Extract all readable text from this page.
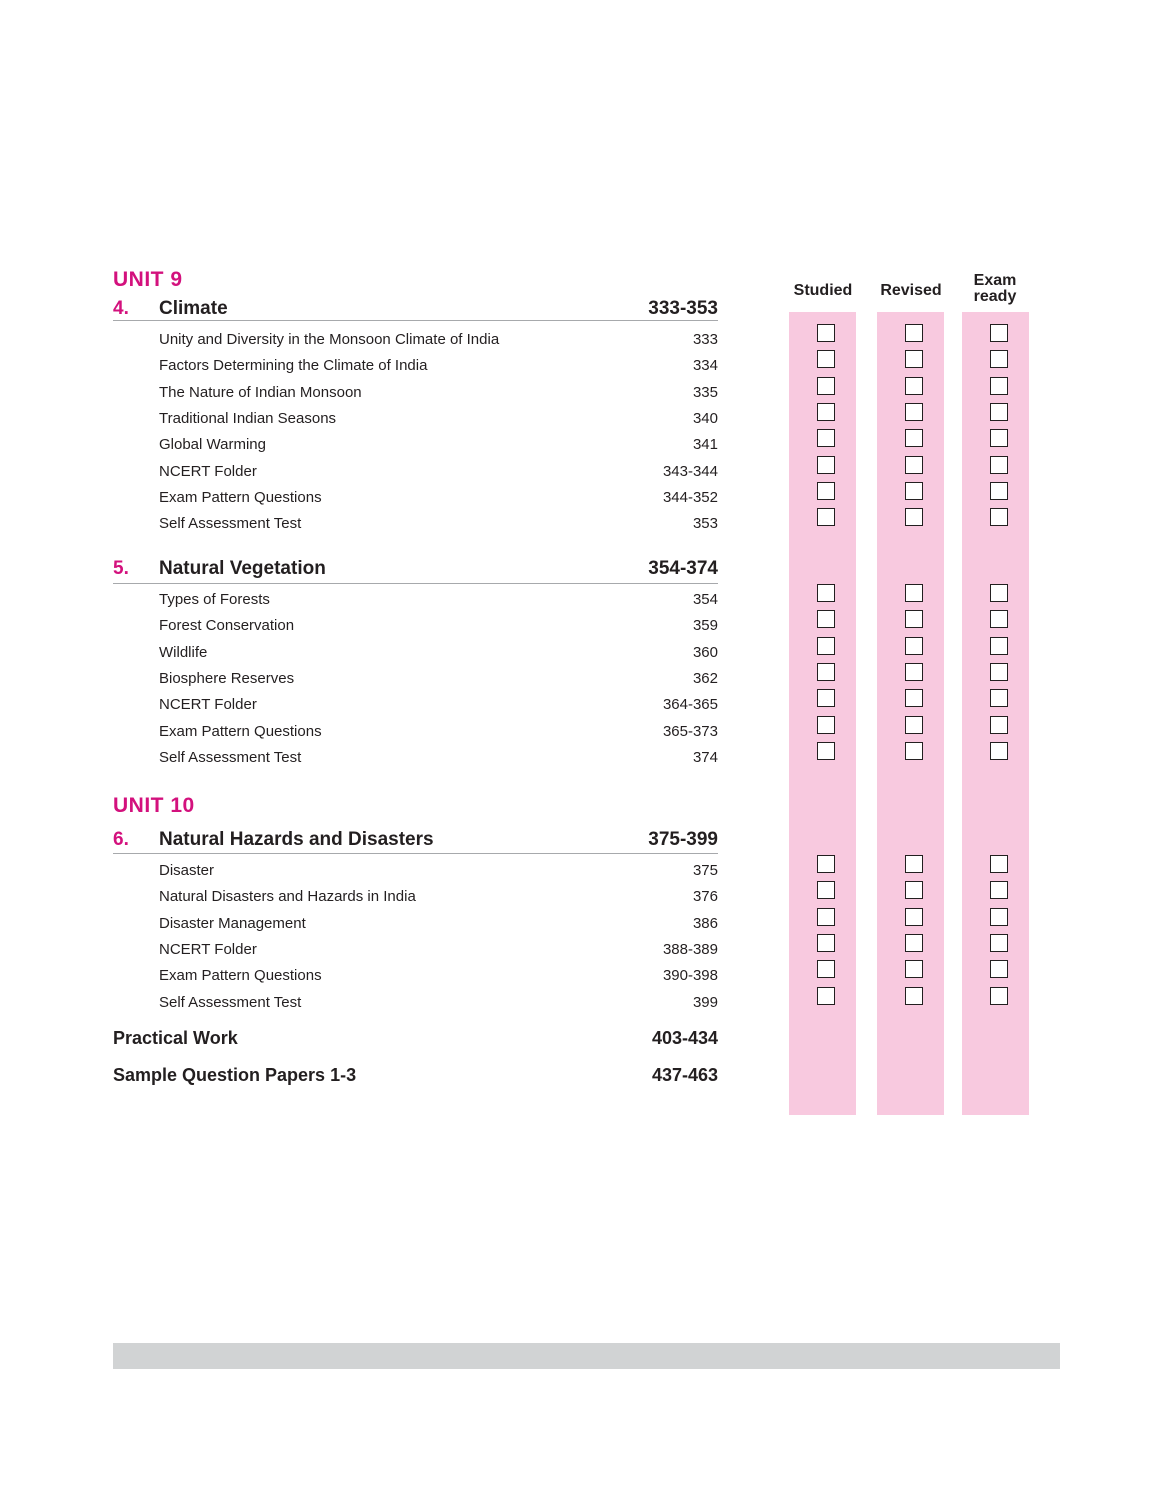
Studied	Revised
Exam
ready
UNIT 9
4. Climate	333-353
Unity and Diversity in the Monsoon Climate of India	333
Factors Determining the Climate of India	334
The Nature of Indian Monsoon	335
Traditional Indian Seasons	340
Global Warming	341
NCERT Folder	343-344
Exam Pattern Questions	344-352
Self Assessment Test	353
5. Natural Vegetation	354-374
Types of Forests	354
Forest Conservation	359
Wildlife	360
Biosphere Reserves	362
NCERT Folder	364-365
Exam Pattern Questions	365-373
Self Assessment Test	374
UNIT 10
6. Natural Hazards and Disasters	375-399
Disaster	375
Natural Disasters and Hazards in India	376
Disaster Management	386
NCERT Folder	388-389
Exam Pattern Questions	390-398
Self Assessment Test	399
Practical Work	403-434
Sample Question Papers 1-3	437-463
